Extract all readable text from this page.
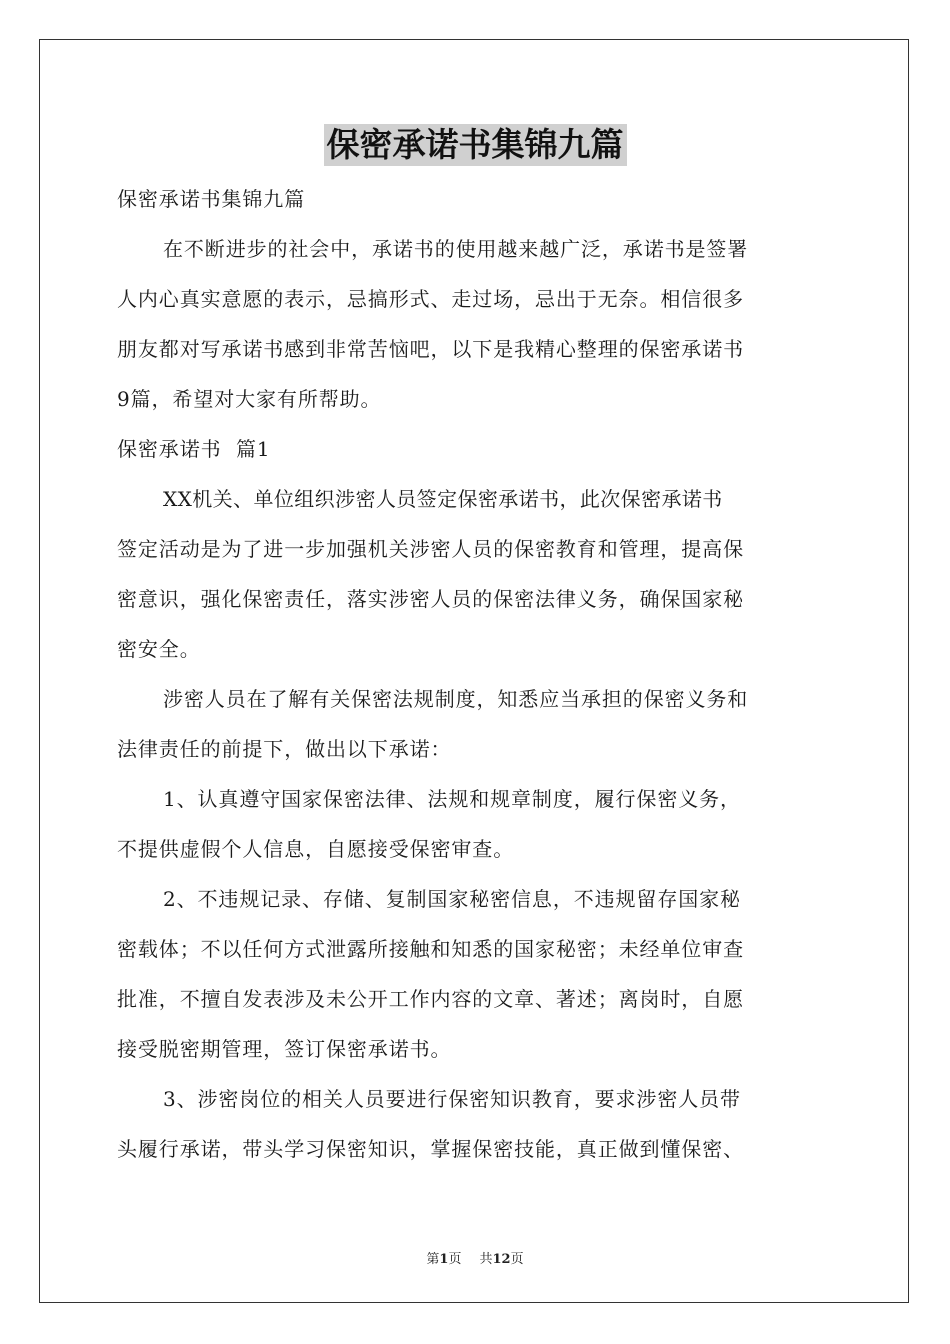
保密承诺书集锦九篇
保密承诺书集锦九篇
在不断进步的社会中，承诺书的使用越来越广泛，承诺书是签署
人内心真实意愿的表示，忌搞形式、走过场，忌出于无奈。相信很多
朋友都对写承诺书感到非常苦恼吧，以下是我精心整理的保密承诺书
9篇，希望对大家有所帮助。
保密承诺书  篇1
XX机关、单位组织涉密人员签定保密承诺书，此次保密承诺书
签定活动是为了进一步加强机关涉密人员的保密教育和管理，提高保
密意识，强化保密责任，落实涉密人员的保密法律义务，确保国家秘
密安全。
涉密人员在了解有关保密法规制度，知悉应当承担的保密义务和
法律责任的前提下，做出以下承诺：
1、认真遵守国家保密法律、法规和规章制度，履行保密义务，
不提供虚假个人信息，自愿接受保密审查。
2、不违规记录、存储、复制国家秘密信息，不违规留存国家秘
密载体；不以任何方式泄露所接触和知悉的国家秘密；未经单位审查
批准，不擅自发表涉及未公开工作内容的文章、著述；离岗时，自愿
接受脱密期管理，签订保密承诺书。
3、涉密岗位的相关人员要进行保密知识教育，要求涉密人员带
头履行承诺，带头学习保密知识，掌握保密技能，真正做到懂保密、
第1页 共12页
